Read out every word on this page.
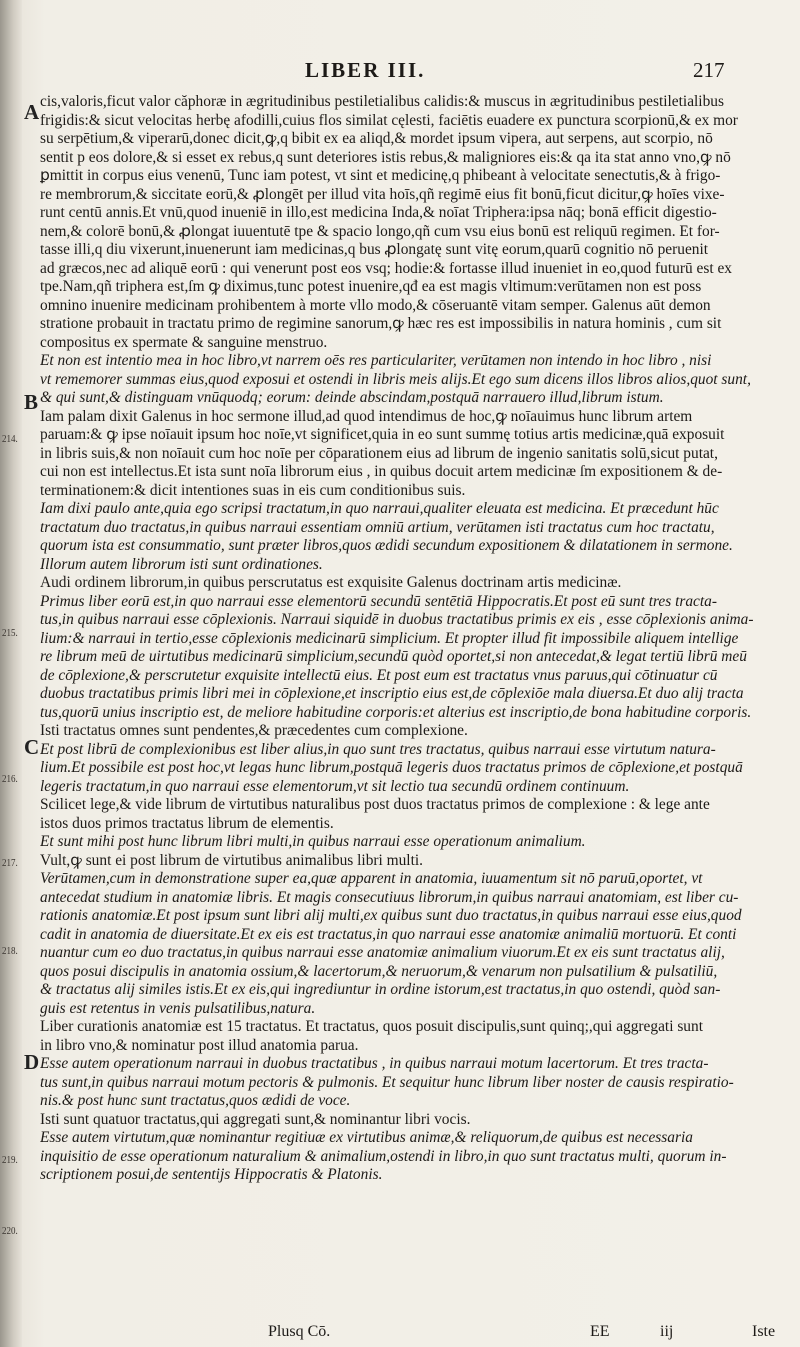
214.
215.
216.
217.
218.
219.
220.

LIBER III.	217
A
B
C
D
cis,valoris,ficut valor căphoræ in ægritudinibus pestiletialibus calidis:& muscus in ægritudinibus pestiletialibus
frigidis:& sicut velocitas herbę afodilli,cuius flos similat cęlesti, faciētis euadere ex punctura scorpionū,& ex mor
su serpētium,& viperarū,donec dicit,ꝙ,q bibit ex ea aliqd,& mordet ipsum vipera, aut serpens, aut scorpio, nō
sentit p eos dolore,& si esset ex rebus,q sunt deteriores istis rebus,& maligniores eis:& qa ita stat anno vno,ꝙ nō
ꝑmittit in corpus eius venenū, Tunc iam potest, vt sint et medicinę,q phibeant à velocitate senectutis,& à frigo-
re membrorum,& siccitate eorū,& ꝓlongēt per illud vita hoīs,qñ regimē eius fit bonū,ficut dicitur,ꝙ hoīes vixe-
runt centū annis.Et vnū,quod inueniē in illo,est medicina Inda,& noīat Triphera:ipsa nāq; bonā efficit digestio-
nem,& colorē bonū,& ꝓlongat iuuentutē tpe & spacio longo,qñ cum vsu eius bonū est reliquū regimen. Et for-
tasse illi,q diu vixerunt,inuenerunt iam medicinas,q bus ꝓlongatę sunt vitę eorum,quarū cognitio nō peruenit
ad græcos,nec ad aliquē eorū : qui venerunt post eos vsq; hodie:& fortasse illud inueniet in eo,quod futurū est ex
tpe.Nam,qñ triphera est,ſm ꝙ diximus,tunc potest inuenire,qđ ea est magis vltimum:verūtamen non est poss
omnino inuenire medicinam prohibentem à morte vllo modo,& cōseruantē vitam semper. Galenus aūt demon
stratione probauit in tractatu primo de regimine sanorum,ꝙ hæc res est impossibilis in natura hominis , cum sit
compositus ex spermate & sanguine menstruo.
Et non est intentio mea in hoc libro,vt narrem oēs res particulariter, verūtamen non intendo in hoc libro , nisi
vt rememorer summas eius,quod exposui et ostendi in libris meis alijs.Et ego sum dicens illos libros alios,quot sunt,
& qui sunt,& distinguam vnūquodq; eorum: deinde abscindam,postquā narrauero illud,librum istum.
Iam palam dixit Galenus in hoc sermone illud,ad quod intendimus de hoc,ꝙ noīauimus hunc librum artem
paruam:& ꝙ ipse noīauit ipsum hoc noīe,vt significet,quia in eo sunt summę totius artis medicinæ,quā exposuit
in libris suis,& non noīauit cum hoc noīe per cōparationem eius ad librum de ingenio sanitatis solū,sicut putat,
cui non est intellectus.Et ista sunt noīa librorum eius , in quibus docuit artem medicinæ ſm expositionem & de-
terminationem:& dicit intentiones suas in eis cum conditionibus suis.
Iam dixi paulo ante,quia ego scripsi tractatum,in quo narraui,qualiter eleuata est medicina. Et præcedunt hūc
tractatum duo tractatus,in quibus narraui essentiam omniū artium, verūtamen isti tractatus cum hoc tractatu,
quorum ista est consummatio, sunt præter libros,quos ædidi secundum expositionem & dilatationem in sermone.
Illorum autem librorum isti sunt ordinationes.
Audi ordinem librorum,in quibus perscrutatus est exquisite Galenus doctrinam artis medicinæ.
Primus liber eorū est,in quo narraui esse elementorū secundū sentētiā Hippocratis.Et post eū sunt tres tracta-
tus,in quibus narraui esse cōplexionis. Narraui siquidē in duobus tractatibus primis ex eis , esse cōplexionis anima-
lium:& narraui in tertio,esse cōplexionis medicinarū simplicium. Et propter illud fit impossibile aliquem intellige
re librum meū de uirtutibus medicinarū simplicium,secundū quòd oportet,si non antecedat,& legat tertiū librū meū
de cōplexione,& perscrutetur exquisite intellectū eius. Et post eum est tractatus vnus paruus,qui cōtinuatur cū
duobus tractatibus primis libri mei in cōplexione,et inscriptio eius est,de cōplexiōe mala diuersa.Et duo alij tracta
tus,quorū unius inscriptio est, de meliore habitudine corporis:et alterius est inscriptio,de bona habitudine corporis.
Isti tractatus omnes sunt pendentes,& præcedentes cum complexione.
Et post librū de complexionibus est liber alius,in quo sunt tres tractatus, quibus narraui esse virtutum natura-
lium.Et possibile est post hoc,vt legas hunc librum,postquā legeris duos tractatus primos de cōplexione,et postquā
legeris tractatum,in quo narraui esse elementorum,vt sit lectio tua secundū ordinem continuum.
Scilicet lege,& vide librum de virtutibus naturalibus post duos tractatus primos de complexione : & lege ante
istos duos primos tractatus librum de elementis.
Et sunt mihi post hunc librum libri multi,in quibus narraui esse operationum animalium.
Vult,ꝙ sunt ei post librum de virtutibus animalibus libri multi.
Verūtamen,cum in demonstratione super ea,quæ apparent in anatomia, iuuamentum sit nō paruū,oportet, vt
antecedat studium in anatomiæ libris. Et magis consecutiuus librorum,in quibus narraui anatomiam, est liber cu-
rationis anatomiæ.Et post ipsum sunt libri alij multi,ex quibus sunt duo tractatus,in quibus narraui esse eius,quod
cadit in anatomia de diuersitate.Et ex eis est tractatus,in quo narraui esse anatomiæ animaliū mortuorū. Et conti
nuantur cum eo duo tractatus,in quibus narraui esse anatomiæ animalium viuorum.Et ex eis sunt tractatus alij,
quos posui discipulis in anatomia ossium,& lacertorum,& neruorum,& venarum non pulsatilium & pulsatiliū,
& tractatus alij similes istis.Et ex eis,qui ingrediuntur in ordine istorum,est tractatus,in quo ostendi, quòd san-
guis est retentus in venis pulsatilibus,natura.
Liber curationis anatomiæ est 15 tractatus. Et tractatus, quos posuit discipulis,sunt quinq;,qui aggregati sunt
in libro vno,& nominatur post illud anatomia parua.
Esse autem operationum narraui in duobus tractatibus , in quibus narraui motum lacertorum. Et tres tracta-
tus sunt,in quibus narraui motum pectoris & pulmonis. Et sequitur hunc librum liber noster de causis respiratio-
nis.& post hunc sunt tractatus,quos ædidi de voce.
Isti sunt quatuor tractatus,qui aggregati sunt,& nominantur libri vocis.
Esse autem virtutum,quæ nominantur regitiuæ ex virtutibus animæ,& reliquorum,de quibus est necessaria
inquisitio de esse operationum naturalium & animalium,ostendi in libro,in quo sunt tractatus multi, quorum in-
scriptionem posui,de sententijs Hippocratis & Platonis.
Plusq Cō.	EE	iij	Iste
